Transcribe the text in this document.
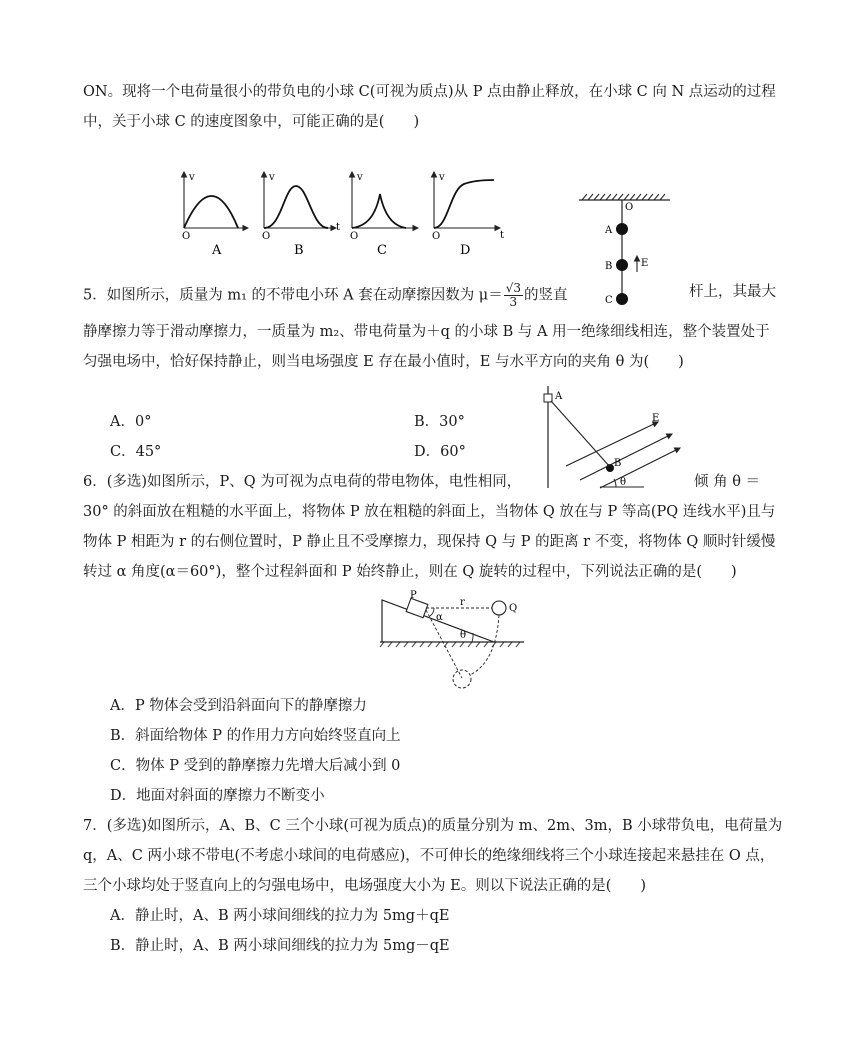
ON。现将一个电荷量很小的带负电的小球 C(可视为质点)从 P 点由静止释放，在小球 C 向 N 点运动的过程
中，关于小球 C 的速度图象中，可能正确的是(　　)
v
O
A
v
t
O
B
v
O
C
v
t
O
D
O
A
B
C
E
5．如图所示，质量为 m₁ 的不带电小环 A 套在动摩擦因数为 $\mu= \frac{√3}{3}$ 的竖直	杆上，其最大
静摩擦力等于滑动摩擦力，一质量为 m₂、带电荷量为＋q 的小球 B 与 A 用一绝缘细线相连，整个装置处于
匀强电场中，恰好保持静止，则当电场强度 E 存在最小值时，E 与水平方向的夹角 θ 为(　　)
A．0°	B．30°
C．45°	D．60°
A
B
E
θ
6．(多选)如图所示，P、Q 为可视为点电荷的带电物体，电性相同，	倾 角 θ ＝
30° 的斜面放在粗糙的水平面上，将物体 P 放在粗糙的斜面上，当物体 Q 放在与 P 等高(PQ 连线水平)且与
物体 P 相距为 r 的右侧位置时，P 静止且不受摩擦力，现保持 Q 与 P 的距离 r 不变，将物体 Q 顺时针缓慢
转过 α 角度(α＝60°)，整个过程斜面和 P 始终静止，则在 Q 旋转的过程中，下列说法正确的是(　　)
P
Q
r
α
θ
A．P 物体会受到沿斜面向下的静摩擦力
B．斜面给物体 P 的作用力方向始终竖直向上
C．物体 P 受到的静摩擦力先增大后减小到 0
D．地面对斜面的摩擦力不断变小
7．(多选)如图所示，A、B、C 三个小球(可视为质点)的质量分别为 m、2m、3m，B 小球带负电，电荷量为
q，A、C 两小球不带电(不考虑小球间的电荷感应)，不可伸长的绝缘细线将三个小球连接起来悬挂在 O 点，
三个小球均处于竖直向上的匀强电场中，电场强度大小为 E。则以下说法正确的是(　　)
A．静止时，A、B 两小球间细线的拉力为 5mg＋qE
B．静止时，A、B 两小球间细线的拉力为 5mg－qE
